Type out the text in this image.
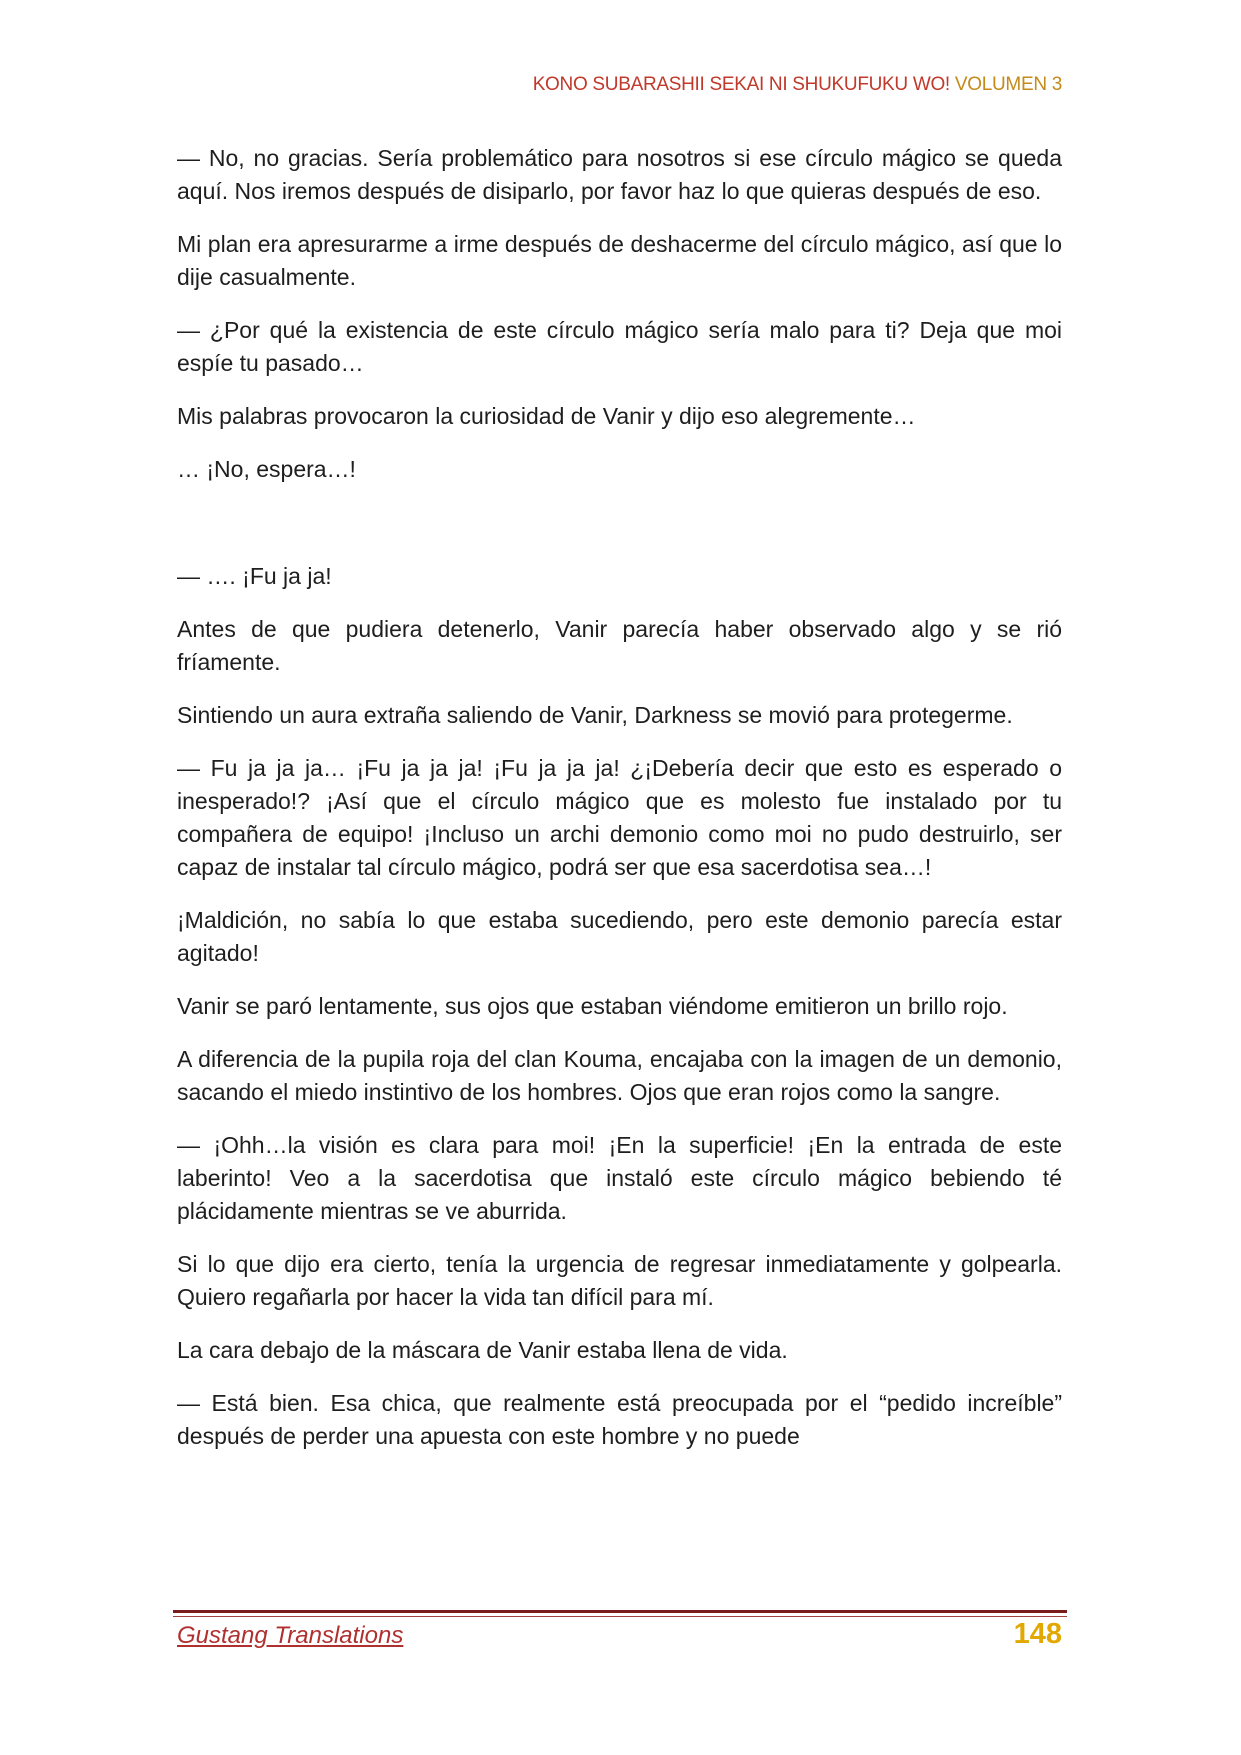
KONO SUBARASHII SEKAI NI SHUKUFUKU WO! VOLUMEN 3

— No, no gracias. Sería problemático para nosotros si ese círculo mágico se queda aquí. Nos iremos después de disiparlo, por favor haz lo que quieras después de eso.

Mi plan era apresurarme a irme después de deshacerme del círculo mágico, así que lo dije casualmente.

— ¿Por qué la existencia de este círculo mágico sería malo para ti? Deja que moi espíe tu pasado…

Mis palabras provocaron la curiosidad de Vanir y dijo eso alegremente…

… ¡No, espera…!

— …. ¡Fu ja ja!

Antes de que pudiera detenerlo, Vanir parecía haber observado algo y se rió fríamente.

Sintiendo un aura extraña saliendo de Vanir, Darkness se movió para protegerme.

— Fu ja ja ja… ¡Fu ja ja ja! ¡Fu ja ja ja! ¿¡Debería decir que esto es esperado o inesperado!? ¡Así que el círculo mágico que es molesto fue instalado por tu compañera de equipo! ¡Incluso un archi demonio como moi no pudo destruirlo, ser capaz de instalar tal círculo mágico, podrá ser que esa sacerdotisa sea…!

¡Maldición, no sabía lo que estaba sucediendo, pero este demonio parecía estar agitado!

Vanir se paró lentamente, sus ojos que estaban viéndome emitieron un brillo rojo.

A diferencia de la pupila roja del clan Kouma, encajaba con la imagen de un demonio, sacando el miedo instintivo de los hombres. Ojos que eran rojos como la sangre.

— ¡Ohh…la visión es clara para moi! ¡En la superficie! ¡En la entrada de este laberinto! Veo a la sacerdotisa que instaló este círculo mágico bebiendo té plácidamente mientras se ve aburrida.

Si lo que dijo era cierto, tenía la urgencia de regresar inmediatamente y golpearla. Quiero regañarla por hacer la vida tan difícil para mí.

La cara debajo de la máscara de Vanir estaba llena de vida.

— Está bien. Esa chica, que realmente está preocupada por el “pedido increíble” después de perder una apuesta con este hombre y no puede

Gustang Translations	148
